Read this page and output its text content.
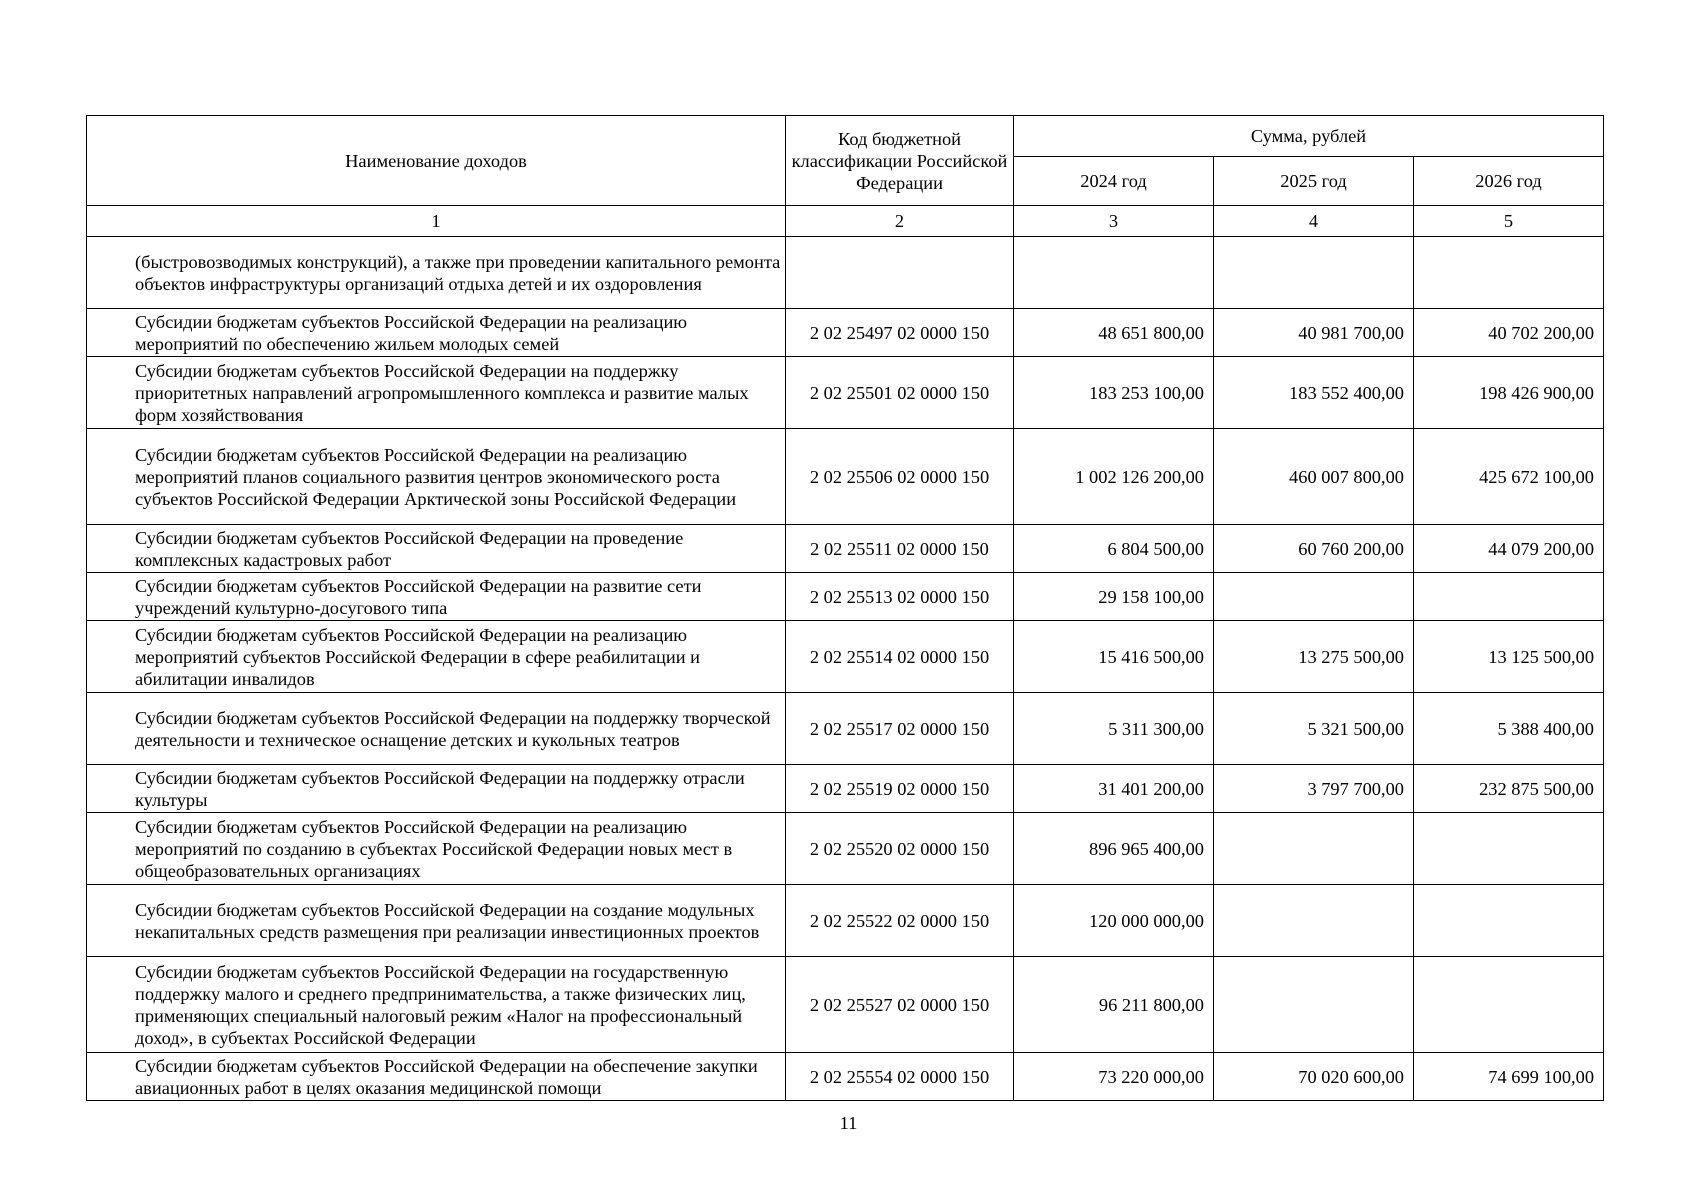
Наименование доходов	Код бюджетной классификации Российской Федерации	Сумма, рублей		
		2024 год	2025 год	2026 год
1	2	3	4	5
(быстровозводимых конструкций), а также при проведении капитального ремонта объектов инфраструктуры организаций отдыха детей и их оздоровления				
Субсидии бюджетам субъектов Российской Федерации на реализацию мероприятий по обеспечению жильем молодых семей	2 02 25497 02 0000 150	48 651 800,00	40 981 700,00	40 702 200,00
Субсидии бюджетам субъектов Российской Федерации на поддержку приоритетных направлений агропромышленного комплекса и развитие малых форм хозяйствования	2 02 25501 02 0000 150	183 253 100,00	183 552 400,00	198 426 900,00
Субсидии бюджетам субъектов Российской Федерации на реализацию мероприятий планов социального развития центров экономического роста субъектов Российской Федерации Арктической зоны Российской Федерации	2 02 25506 02 0000 150	1 002 126 200,00	460 007 800,00	425 672 100,00
Субсидии бюджетам субъектов Российской Федерации на проведение комплексных кадастровых работ	2 02 25511 02 0000 150	6 804 500,00	60 760 200,00	44 079 200,00
Субсидии бюджетам субъектов Российской Федерации на развитие сети учреждений культурно-досугового типа	2 02 25513 02 0000 150	29 158 100,00		
Субсидии бюджетам субъектов Российской Федерации на реализацию мероприятий субъектов Российской Федерации в сфере реабилитации и абилитации инвалидов	2 02 25514 02 0000 150	15 416 500,00	13 275 500,00	13 125 500,00
Субсидии бюджетам субъектов Российской Федерации на поддержку творческой деятельности и техническое оснащение детских и кукольных театров	2 02 25517 02 0000 150	5 311 300,00	5 321 500,00	5 388 400,00
Субсидии бюджетам субъектов Российской Федерации на поддержку отрасли культуры	2 02 25519 02 0000 150	31 401 200,00	3 797 700,00	232 875 500,00
Субсидии бюджетам субъектов Российской Федерации на реализацию мероприятий по созданию в субъектах Российской Федерации новых мест в общеобразовательных организациях	2 02 25520 02 0000 150	896 965 400,00		
Субсидии бюджетам субъектов Российской Федерации на создание модульных некапитальных средств размещения при реализации инвестиционных проектов	2 02 25522 02 0000 150	120 000 000,00		
Субсидии бюджетам субъектов Российской Федерации на государственную поддержку малого и среднего предпринимательства, а также физических лиц, применяющих специальный налоговый режим «Налог на профессиональный доход», в субъектах Российской Федерации	2 02 25527 02 0000 150	96 211 800,00		
Субсидии бюджетам субъектов Российской Федерации на обеспечение закупки авиационных работ в целях оказания медицинской помощи	2 02 25554 02 0000 150	73 220 000,00	70 020 600,00	74 699 100,00
11
